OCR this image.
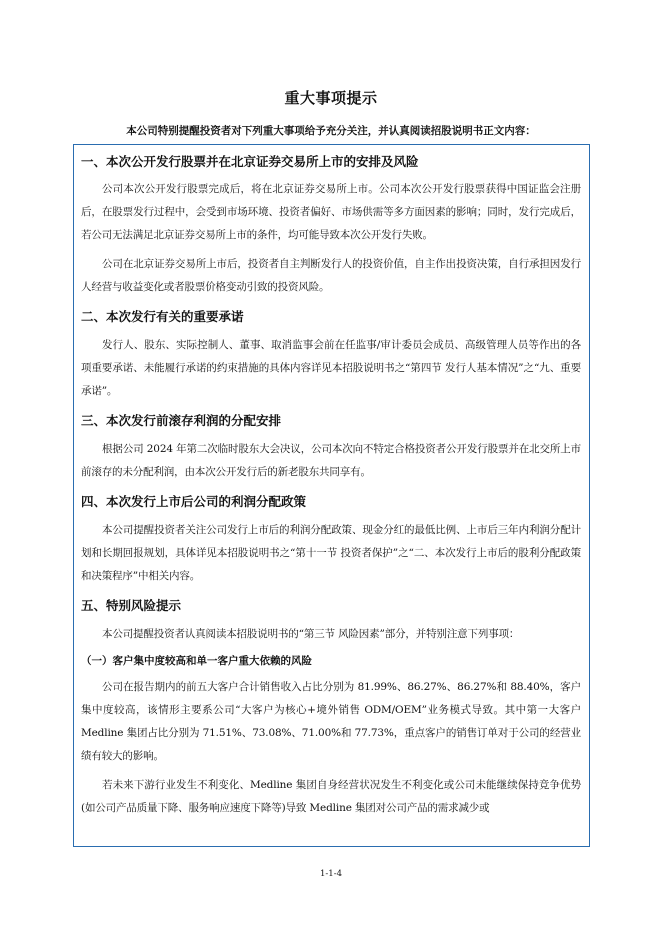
重大事项提示
本公司特别提醒投资者对下列重大事项给予充分关注，并认真阅读招股说明书正文内容：
一、本次公开发行股票并在北京证券交易所上市的安排及风险

公司本次公开发行股票完成后，将在北京证券交易所上市。公司本次公开发行股票获得中国证监会注册后，在股票发行过程中，会受到市场环境、投资者偏好、市场供需等多方面因素的影响；同时，发行完成后，若公司无法满足北京证券交易所上市的条件，均可能导致本次公开发行失败。

公司在北京证券交易所上市后，投资者自主判断发行人的投资价值，自主作出投资决策，自行承担因发行人经营与收益变化或者股票价格变动引致的投资风险。

二、本次发行有关的重要承诺

发行人、股东、实际控制人、董事、取消监事会前在任监事/审计委员会成员、高级管理人员等作出的各项重要承诺、未能履行承诺的约束措施的具体内容详见本招股说明书之“第四节 发行人基本情况”之“九、重要承诺”。

三、本次发行前滚存利润的分配安排

根据公司 2024 年第二次临时股东大会决议，公司本次向不特定合格投资者公开发行股票并在北交所上市前滚存的未分配利润，由本次公开发行后的新老股东共同享有。

四、本次发行上市后公司的利润分配政策

本公司提醒投资者关注公司发行上市后的利润分配政策、现金分红的最低比例、上市后三年内利润分配计划和长期回报规划，具体详见本招股说明书之“第十一节 投资者保护”之“二、本次发行上市后的股利分配政策和决策程序”中相关内容。

五、特别风险提示

本公司提醒投资者认真阅读本招股说明书的“第三节 风险因素”部分，并特别注意下列事项：

（一）客户集中度较高和单一客户重大依赖的风险

公司在报告期内的前五大客户合计销售收入占比分别为 81.99%、86.27%、86.27%和 88.40%，客户集中度较高，该情形主要系公司“大客户为核心+境外销售 ODM/OEM”业务模式导致。其中第一大客户 Medline 集团占比分别为 71.51%、73.08%、71.00%和 77.73%，重点客户的销售订单对于公司的经营业绩有较大的影响。

若未来下游行业发生不利变化、Medline 集团自身经营状况发生不利变化或公司未能继续保持竞争优势(如公司产品质量下降、服务响应速度下降等)导致 Medline 集团对公司产品的需求减少或

1-1-4
